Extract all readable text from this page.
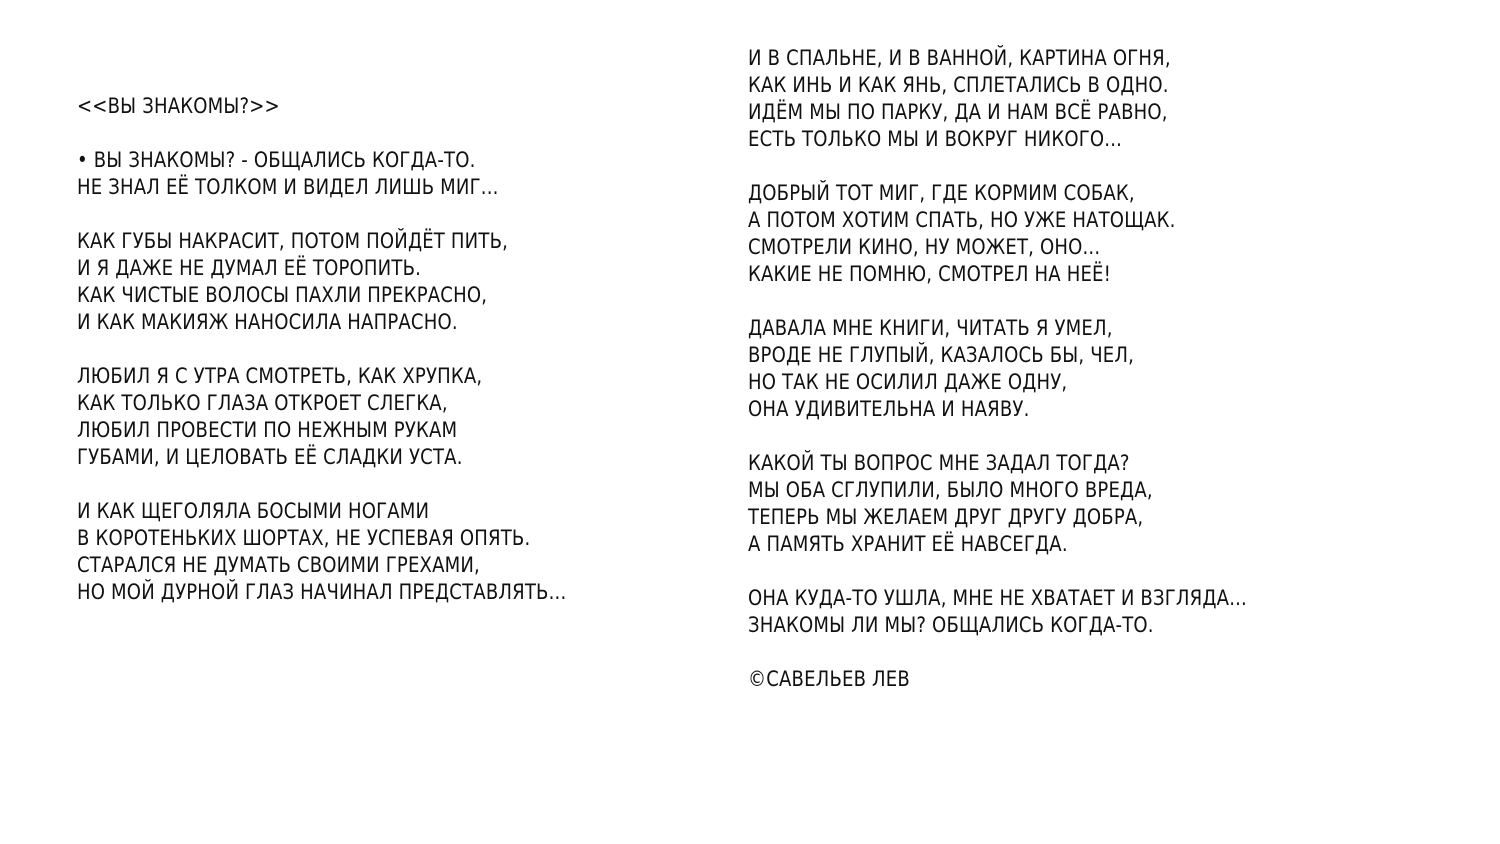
<<ВЫ ЗНАКОМЫ?>>
• ВЫ ЗНАКОМЫ? - ОБЩАЛИСЬ КОГДА-ТО.
НЕ ЗНАЛ ЕЁ ТОЛКОМ И ВИДЕЛ ЛИШЬ МИГ...
КАК ГУБЫ НАКРАСИТ, ПОТОМ ПОЙДЁТ ПИТЬ,
И Я ДАЖЕ НЕ ДУМАЛ ЕЁ ТОРОПИТЬ.
КАК ЧИСТЫЕ ВОЛОСЫ ПАХЛИ ПРЕКРАСНО,
И КАК МАКИЯЖ НАНОСИЛА НАПРАСНО.
ЛЮБИЛ Я С УТРА СМОТРЕТЬ, КАК ХРУПКА,
КАК ТОЛЬКО ГЛАЗА ОТКРОЕТ СЛЕГКА,
ЛЮБИЛ ПРОВЕСТИ ПО НЕЖНЫМ РУКАМ
ГУБАМИ, И ЦЕЛОВАТЬ ЕЁ СЛАДКИ УСТА.
И КАК ЩЕГОЛЯЛА БОСЫМИ НОГАМИ
В КОРОТЕНЬКИХ ШОРТАХ, НЕ УСПЕВАЯ ОПЯТЬ.
СТАРАЛСЯ НЕ ДУМАТЬ СВОИМИ ГРЕХАМИ,
НО МОЙ ДУРНОЙ ГЛАЗ НАЧИНАЛ ПРЕДСТАВЛЯТЬ...
И В СПАЛЬНЕ, И В ВАННОЙ, КАРТИНА ОГНЯ,
КАК ИНЬ И КАК ЯНЬ, СПЛЕТАЛИСЬ В ОДНО.
ИДЁМ МЫ ПО ПАРКУ, ДА И НАМ ВСЁ РАВНО,
ЕСТЬ ТОЛЬКО МЫ И ВОКРУГ НИКОГО...
ДОБРЫЙ ТОТ МИГ, ГДЕ КОРМИМ СОБАК,
А ПОТОМ ХОТИМ СПАТЬ, НО УЖЕ НАТОЩАК.
СМОТРЕЛИ КИНО, НУ МОЖЕТ, ОНО...
КАКИЕ НЕ ПОМНЮ, СМОТРЕЛ НА НЕЁ!
ДАВАЛА МНЕ КНИГИ, ЧИТАТЬ Я УМЕЛ,
ВРОДЕ НЕ ГЛУПЫЙ, КАЗАЛОСЬ БЫ, ЧЕЛ,
НО ТАК НЕ ОСИЛИЛ ДАЖЕ ОДНУ,
ОНА УДИВИТЕЛЬНА И НАЯВУ.
КАКОЙ ТЫ ВОПРОС МНЕ ЗАДАЛ ТОГДА?
МЫ ОБА СГЛУПИЛИ, БЫЛО МНОГО ВРЕДА,
ТЕПЕРЬ МЫ ЖЕЛАЕМ ДРУГ ДРУГУ ДОБРА,
А ПАМЯТЬ ХРАНИТ ЕЁ НАВСЕГДА.
ОНА КУДА-ТО УШЛА, МНЕ НЕ ХВАТАЕТ И ВЗГЛЯДА...
ЗНАКОМЫ ЛИ МЫ? ОБЩАЛИСЬ КОГДА-ТО.
©САВЕЛЬЕВ ЛЕВ
